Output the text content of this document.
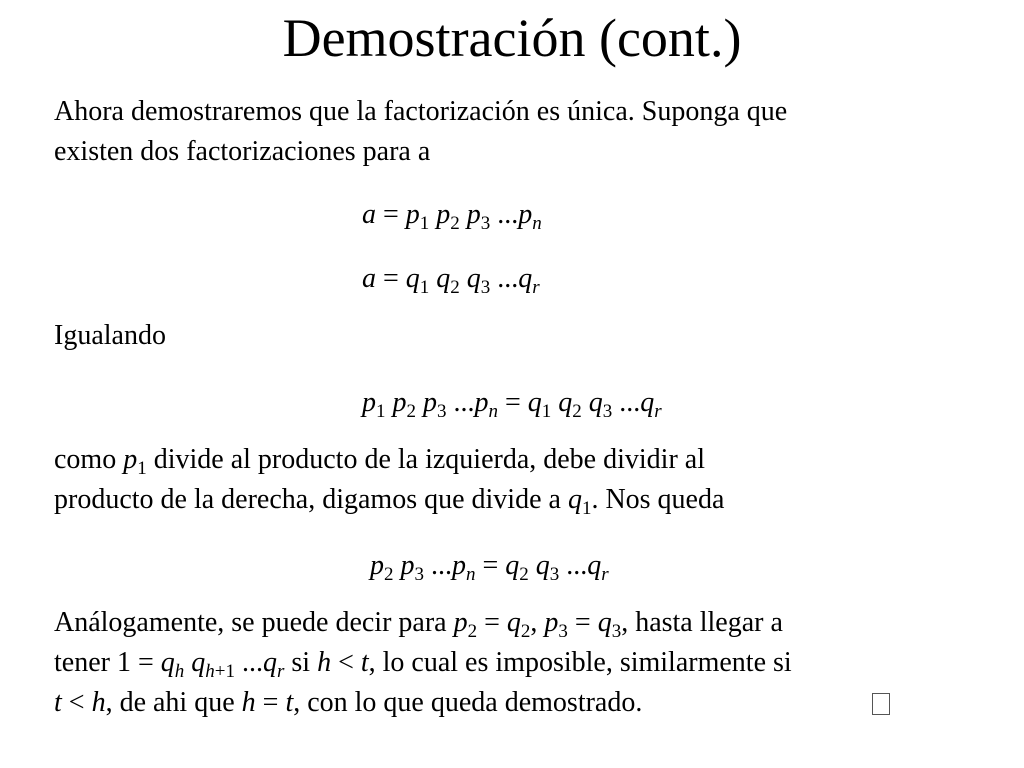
Demostración (cont.)
Ahora demostraremos que la factorización es única. Suponga que
existen dos factorizaciones para a
$a = p_1$ $p_2$ $p_3$ $...p_n$
$a = q_1$ $q_2$ $q_3$ $...q_r$
Igualando
$p_1$ $p_2$ $p_3$ $...p_n = q_1$ $q_2$ $q_3$ $...q_r$
como $p_1$ divide al producto de la izquierda, debe dividir al
producto de la derecha, digamos que divide a $q_1$. Nos queda
$p_2$ $p_3$ $...p_n = q_2$ $q_3$ $...q_r$
Análogamente, se puede decir para $p_2 = q_2$, $p_3 = q_3$, hasta llegar a
tener $1 = q_h$ $q_{h+1}$ $...q_r$ si h < t, lo cual es imposible, similarmente si
t < h, de ahi que h = t, con lo que queda demostrado.
